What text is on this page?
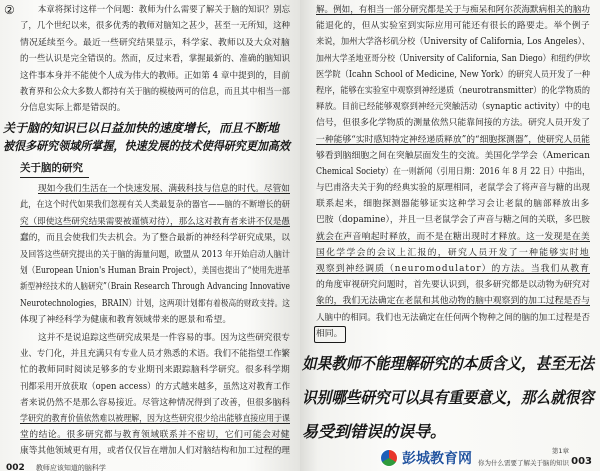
②	本章将探讨这样一个问题：教师为什么需要了解关于脑的知识？别忘
了，几个世纪以来，很多优秀的教师对脑知之甚少，甚至一无所知，这种
情况延续至今。最近一些研究结果显示，科学家、教师以及大众对脑
的一些认识是完全错误的。然而，反过来看，掌握最新的、准确的脑知识
这件事本身并不能使个人成为伟大的教师。正如第 4 章中提到的，目前
教育界和公众大多数人都持有关于脑的模棱两可的信息，而且其中相当一部
分信息实际上都是错误的。
关于脑的知识已以日益加快的速度增长，而且不断地
被很多研究领域所掌握，快速发展的技术使得研究更加高效
关于脑的研究
现如今我们生活在一个快速发展、满载科技与信息的时代。尽管如
此，在这个时代如果我们忽视有关人类最复杂的器官——脑的不断增长的研
究（即使这些研究结果需要被谨慎对待），那么这对教育者来讲不仅是愚
蠢的，而且会使我们失去机会。为了整合最新的神经科学研究成果，以
及回答这些研究提出的关于脑的海量问题，欧盟从 2013 年开始启动人脑计
划（European Union's Human Brain Project），美国也提出了“使用先进革
新型神经技术的人脑研究”（Brain Research Through Advancing Innovative
Neurotechnologies，BRAIN）计划，这两项计划都有着极高的财政支持。这
体现了神经科学为健康和教育领域带来的愿景和希望。
这并不是说追踪这些研究成果是一件容易的事。因为这些研究很专
业、专门化，并且充满只有专业人员才熟悉的术语。我们不能指望工作繁
忙的教师同时阅读足够多的专业期刊来跟踪脑科学研究。很多科学期
刊都采用开放获取（open access）的方式越来越多，虽然这对教育工作
者来说仍然不是那么容易接近。尽管这种情况得到了改善，但很多脑科
学研究的教育价值依然难以被理解，因为这些研究很少给出能够直接应用于课
堂的结论。很多研究都与教育领域联系并不密切，它们可能会对健
康等其他领域更有用，或者仅仅旨在增加人们对脑结构和加工过程的理
002 教师应该知道的脑科学
解。例如，有相当一部分研究都是关于与痴呆和阿尔茨海默病相关的脑功
能退化的，但从实验室到实际应用可能还有很长的路要走。举个例子
来说，加州大学洛杉矶分校（University of California, Los Angeles）、
加州大学圣地亚哥分校（University of California, San Diego）和纽约伊坎
医学院（Icahn School of Medicine, New York）的研究人员开发了一种
程序，能够在实验室中观察到神经递质（neurotransmitter）的化学物质的
释放。目前已经能够观察到神经元突触活动（synaptic activity）中的电
信号，但很多化学物质的测量依然只能靠间接的方法。研究人员开发了
一种能够“实时感知特定神经递质释放”的“细胞探测器”，使研究人员能
够看到脑细胞之间在突触层面发生的交流。美国化学学会（American
Chemical Society）在一则新闻（引用日期：2016 年 8 月 22 日）中指出，
与巴甫洛夫关于狗的经典实验的原理相同，老鼠学会了将声音与糖的出现
联系起来，细胞探测器能够证实这种学习会让老鼠的脑部释放出多
巴胺（dopamine），并且一旦老鼠学会了声音与糖之间的关联，多巴胺
就会在声音响起时释放，而不是在糖出现时才释放。这一发现是在美
国化学学会的会议上汇报的，研究人员开发了一种能够实时地
观察到神经调质（neuromodulator）的方法。当我们从教育
的角度审视研究问题时，首先要认识到，很多研究都是以动物为研究对
象的，我们无法确定在老鼠和其他动物的脑中观察到的加工过程是否与
人脑中的相同。我们也无法确定在任何两个物种之间的脑的加工过程是否
相同。
如果教师不能理解研究的本质含义，甚至无法
识别哪些研究可以具有重要意义，那么就很容
易受到错误的误导。
第1章
你为什么需要了解关于脑的知识 003
彭城教育网
